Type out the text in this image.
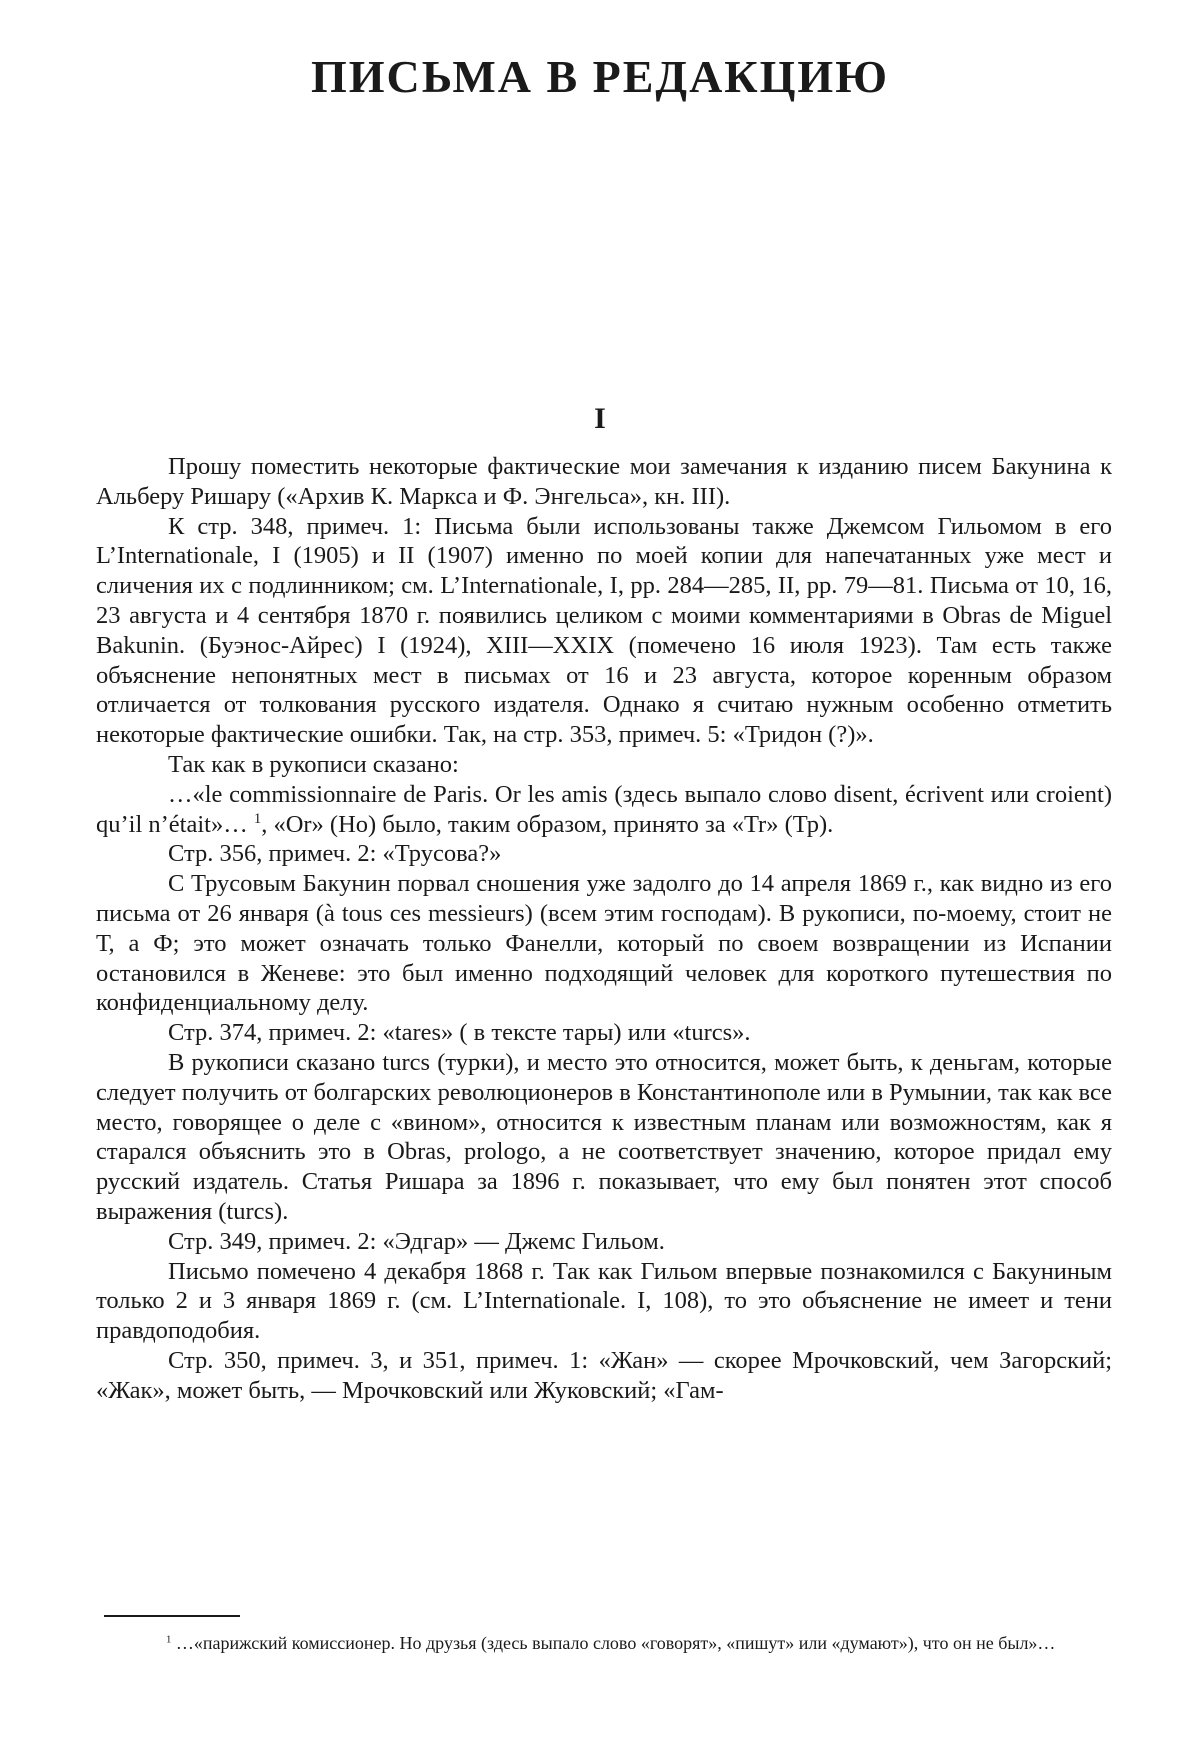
ПИСЬМА В РЕДАКЦИЮ
I

Прошу поместить некоторые фактические мои замечания к изданию писем Бакунина к Альберу Ришару («Архив К. Маркса и Ф. Энгельса», кн. III).

К стр. 348, примеч. 1: Письма были использованы также Джемсом Гильомом в его L’Internationale, I (1905) и II (1907) именно по моей копии для напечатанных уже мест и сличения их с подлинником; см. L’Internationale, I, pp. 284—285, II, pp. 79—81. Письма от 10, 16, 23 августа и 4 сентября 1870 г. появились целиком с моими комментариями в Obras de Miguel Bakunin. (Буэнос-Айрес) I (1924), XIII—XXIX (помечено 16 июля 1923). Там есть также объяснение непонятных мест в письмах от 16 и 23 августа, которое коренным образом отличается от толкования русского издателя. Однако я считаю нужным особенно отметить некоторые фактические ошибки. Так, на стр. 353, примеч. 5: «Тридон (?)».

Так как в рукописи сказано:

…«le commissionnaire de Paris. Or les amis (здесь выпало слово disent, écrivent или croient) qu’il n’était»… $^1$, «Or» (Но) было, таким образом, принято за «Tr» (Тр).

Стр. 356, примеч. 2: «Трусова?»

С Трусовым Бакунин порвал сношения уже задолго до 14 апреля 1869 г., как видно из его письма от 26 января (à tous ces messieurs) (всем этим господам). В рукописи, по-моему, стоит не Т, а Ф; это может означать только Фанелли, который по своем возвращении из Испании остановился в Женеве: это был именно подходящий человек для короткого путешествия по конфиденциальному делу.

Стр. 374, примеч. 2: «tares» ( в тексте тары) или «turcs».

В рукописи сказано turcs (турки), и место это относится, может быть, к деньгам, которые следует получить от болгарских революционеров в Константинополе или в Румынии, так как все место, говорящее о деле с «вином», относится к известным планам или возможностям, как я старался объяснить это в Obras, prologo, а не соответствует значению, которое придал ему русский издатель. Статья Ришара за 1896 г. показывает, что ему был понятен этот способ выражения (turcs).

Стр. 349, примеч. 2: «Эдгар» — Джемс Гильом.

Письмо помечено 4 декабря 1868 г. Так как Гильом впервые познакомился с Бакуниным только 2 и 3 января 1869 г. (см. L’Internationale. I, 108), то это объяснение не имеет и тени правдоподобия.

Стр. 350, примеч. 3, и 351, примеч. 1: «Жан» — скорее Мрочковский, чем Загорский; «Жак», может быть, — Мрочковский или Жуковский; «Гам-

$^1$ …«парижский комиссионер. Но друзья (здесь выпало слово «говорят», «пишут» или «думают»), что он не был»…
